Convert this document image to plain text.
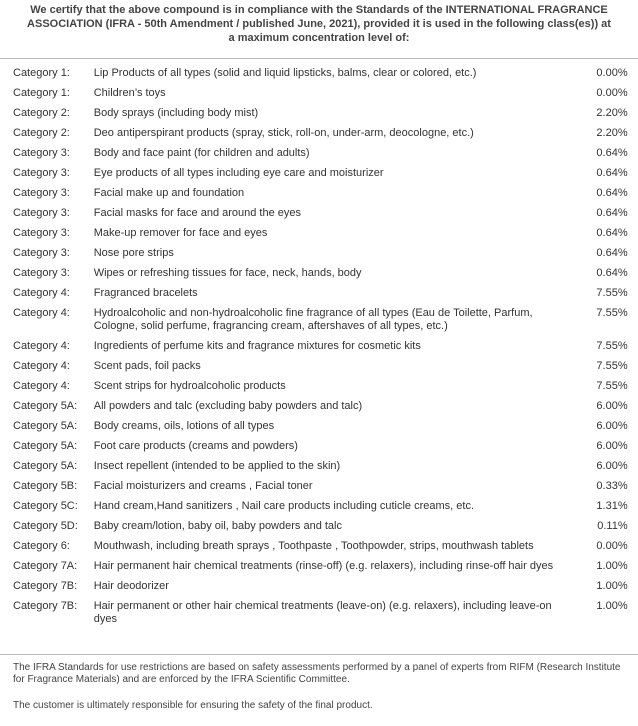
We certify that the above compound is in compliance with the Standards of the INTERNATIONAL FRAGRANCE
ASSOCIATION (IFRA - 50th Amendment / published June, 2021), provided it is used in the following class(es)) at
a maximum concentration level of:
Category 1:	Lip Products of all types (solid and liquid lipsticks, balms, clear or colored, etc.)	0.00	%
Category 1:	Children’s toys	0.00	%
Category 2:	Body sprays (including body mist)	2.20	%
Category 2:	Deo antiperspirant products (spray, stick, roll-on, under-arm, deocologne, etc.)	2.20	%
Category 3:	Body and face paint (for children and adults)	0.64	%
Category 3:	Eye products of all types including eye care and moisturizer	0.64	%
Category 3:	Facial make up and foundation	0.64	%
Category 3:	Facial masks for face and around the eyes	0.64	%
Category 3:	Make-up remover for face and eyes	0.64	%
Category 3:	Nose pore strips	0.64	%
Category 3:	Wipes or refreshing tissues for face, neck, hands, body	0.64	%
Category 4:	Fragranced bracelets	7.55	%
Category 4:	Hydroalcoholic and non-hydroalcoholic fine fragrance of all types (Eau de Toilette, Parfum, Cologne, solid perfume, fragrancing cream, aftershaves of all types, etc.)	7.55	%
Category 4:	Ingredients of perfume kits and fragrance mixtures for cosmetic kits	7.55	%
Category 4:	Scent pads, foil packs	7.55	%
Category 4:	Scent strips for hydroalcoholic products	7.55	%
Category 5A:	All powders and talc (excluding baby powders and talc)	6.00	%
Category 5A:	Body creams, oils, lotions of all types	6.00	%
Category 5A:	Foot care products (creams and powders)	6.00	%
Category 5A:	Insect repellent (intended to be applied to the skin)	6.00	%
Category 5B:	Facial moisturizers and creams , Facial toner	0.33	%
Category 5C:	Hand cream,Hand sanitizers , Nail care products including cuticle creams, etc.	1.31	%
Category 5D:	Baby cream/lotion, baby oil, baby powders and talc	0.11	%
Category 6:	Mouthwash, including breath sprays , Toothpaste , Toothpowder, strips, mouthwash tablets	0.00	%
Category 7A:	Hair permanent hair chemical treatments (rinse-off) (e.g. relaxers), including rinse-off hair dyes	1.00	%
Category 7B:	Hair deodorizer	1.00	%
Category 7B:	Hair permanent or other hair chemical treatments (leave-on) (e.g. relaxers), including leave-on dyes	1.00	%

The IFRA Standards for use restrictions are based on safety assessments performed by a panel of experts from RIFM (Research Institute for Fragrance Materials) and are enforced by the IFRA Scientific Committee.

The customer is ultimately responsible for ensuring the safety of the final product.
